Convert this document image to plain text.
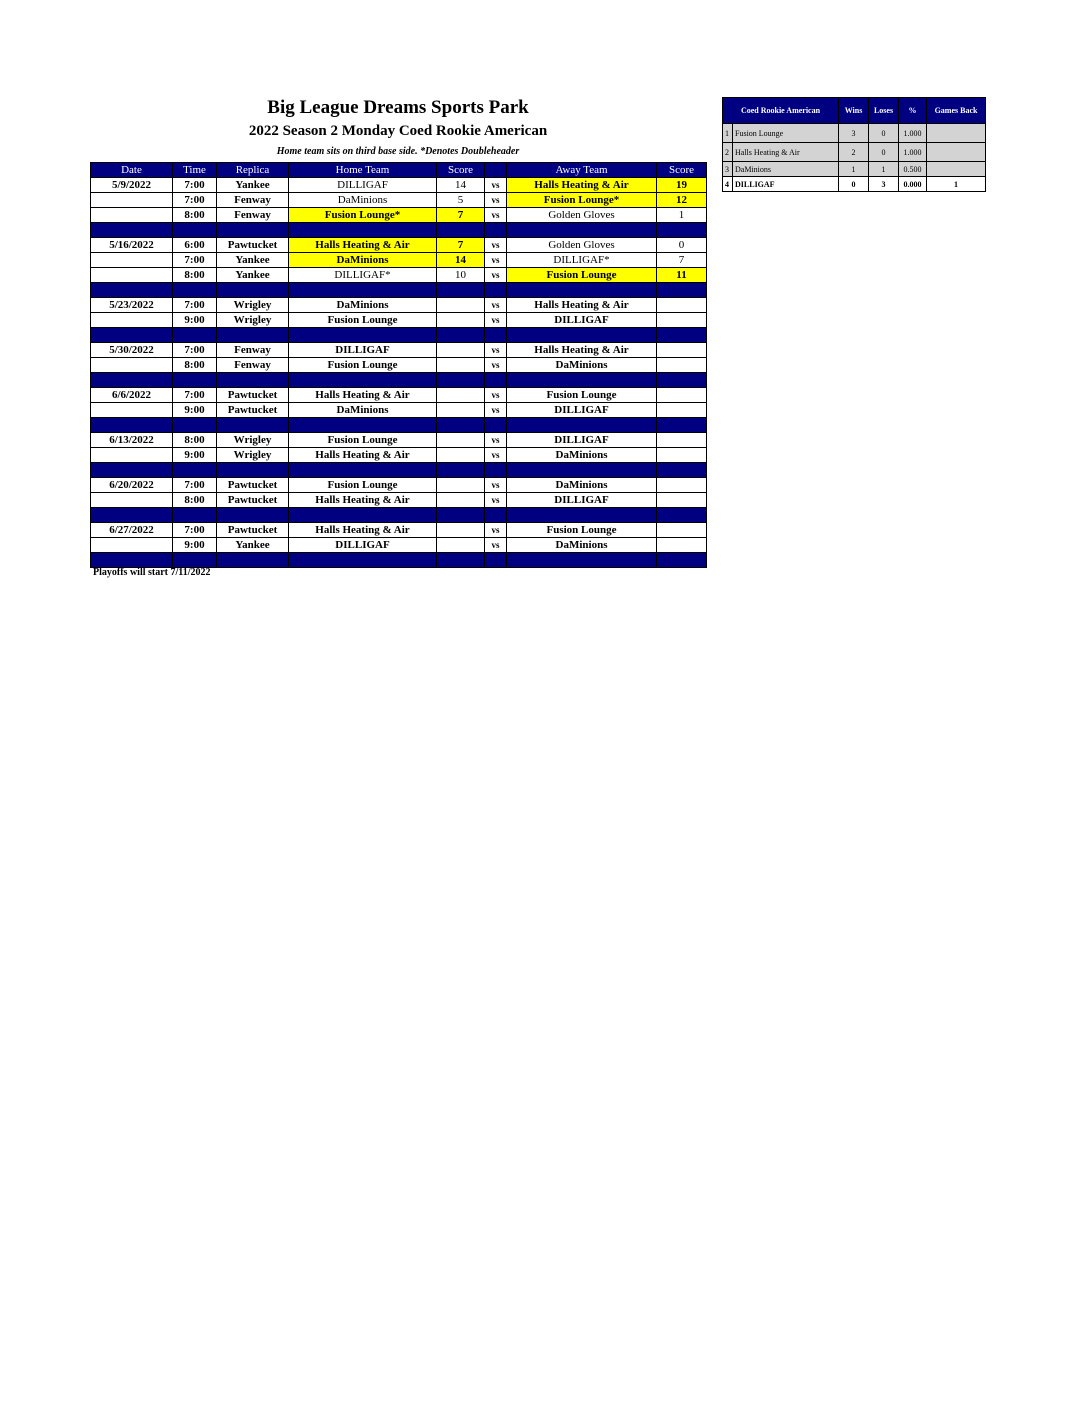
Big League Dreams Sports Park
2022 Season 2 Monday Coed Rookie American
Home team sits on third base side. *Denotes Doubleheader
Date	Time	Replica	Home Team	Score		Away Team	Score
5/9/2022	7:00	Yankee	DILLIGAF	14	vs	Halls Heating & Air	19
	7:00	Fenway	DaMinions	5	vs	Fusion Lounge*	12
	8:00	Fenway	Fusion Lounge*	7	vs	Golden Gloves	1

5/16/2022	6:00	Pawtucket	Halls Heating & Air	7	vs	Golden Gloves	0
	7:00	Yankee	DaMinions	14	vs	DILLIGAF*	7
	8:00	Yankee	DILLIGAF*	10	vs	Fusion Lounge	11

5/23/2022	7:00	Wrigley	DaMinions		vs	Halls Heating & Air	
	9:00	Wrigley	Fusion Lounge		vs	DILLIGAF	

5/30/2022	7:00	Fenway	DILLIGAF		vs	Halls Heating & Air	
	8:00	Fenway	Fusion Lounge		vs	DaMinions	

6/6/2022	7:00	Pawtucket	Halls Heating & Air		vs	Fusion Lounge	
	9:00	Pawtucket	DaMinions		vs	DILLIGAF	

6/13/2022	8:00	Wrigley	Fusion Lounge		vs	DILLIGAF	
	9:00	Wrigley	Halls Heating & Air		vs	DaMinions	

6/20/2022	7:00	Pawtucket	Fusion Lounge		vs	DaMinions	
	8:00	Pawtucket	Halls Heating & Air		vs	DILLIGAF	

6/27/2022	7:00	Pawtucket	Halls Heating & Air		vs	Fusion Lounge	
	9:00	Yankee	DILLIGAF		vs	DaMinions	

Playoffs will start 7/11/2022
Coed Rookie American		Wins	Loses	%	Games Back
1	Fusion Lounge	3	0	1.000	
2	Halls Heating & Air	2	0	1.000	
3	DaMinions	1	1	0.500	
4	DILLIGAF	0	3	0.000	1
